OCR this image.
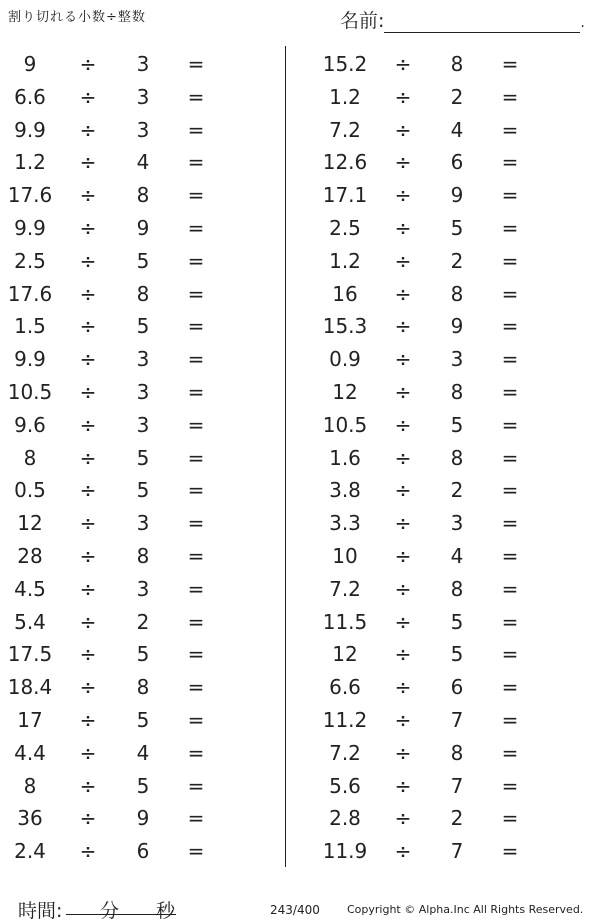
割り切れる小数÷整数	名前:	.
9	÷	3	=
6.6	÷	3	=
9.9	÷	3	=
1.2	÷	4	=
17.6	÷	8	=
9.9	÷	9	=
2.5	÷	5	=
17.6	÷	8	=
1.5	÷	5	=
9.9	÷	3	=
10.5	÷	3	=
9.6	÷	3	=
8	÷	5	=
0.5	÷	5	=
12	÷	3	=
28	÷	8	=
4.5	÷	3	=
5.4	÷	2	=
17.5	÷	5	=
18.4	÷	8	=
17	÷	5	=
4.4	÷	4	=
8	÷	5	=
36	÷	9	=
2.4	÷	6	=
15.2	÷	8	=
1.2	÷	2	=
7.2	÷	4	=
12.6	÷	6	=
17.1	÷	9	=
2.5	÷	5	=
1.2	÷	2	=
16	÷	8	=
15.3	÷	9	=
0.9	÷	3	=
12	÷	8	=
10.5	÷	5	=
1.6	÷	8	=
3.8	÷	2	=
3.3	÷	3	=
10	÷	4	=
7.2	÷	8	=
11.5	÷	5	=
12	÷	5	=
6.6	÷	6	=
11.2	÷	7	=
7.2	÷	8	=
5.6	÷	7	=
2.8	÷	2	=
11.9	÷	7	=
時間: 分 秒	243/400 Copyright © Alpha.Inc All Rights Reserved.
